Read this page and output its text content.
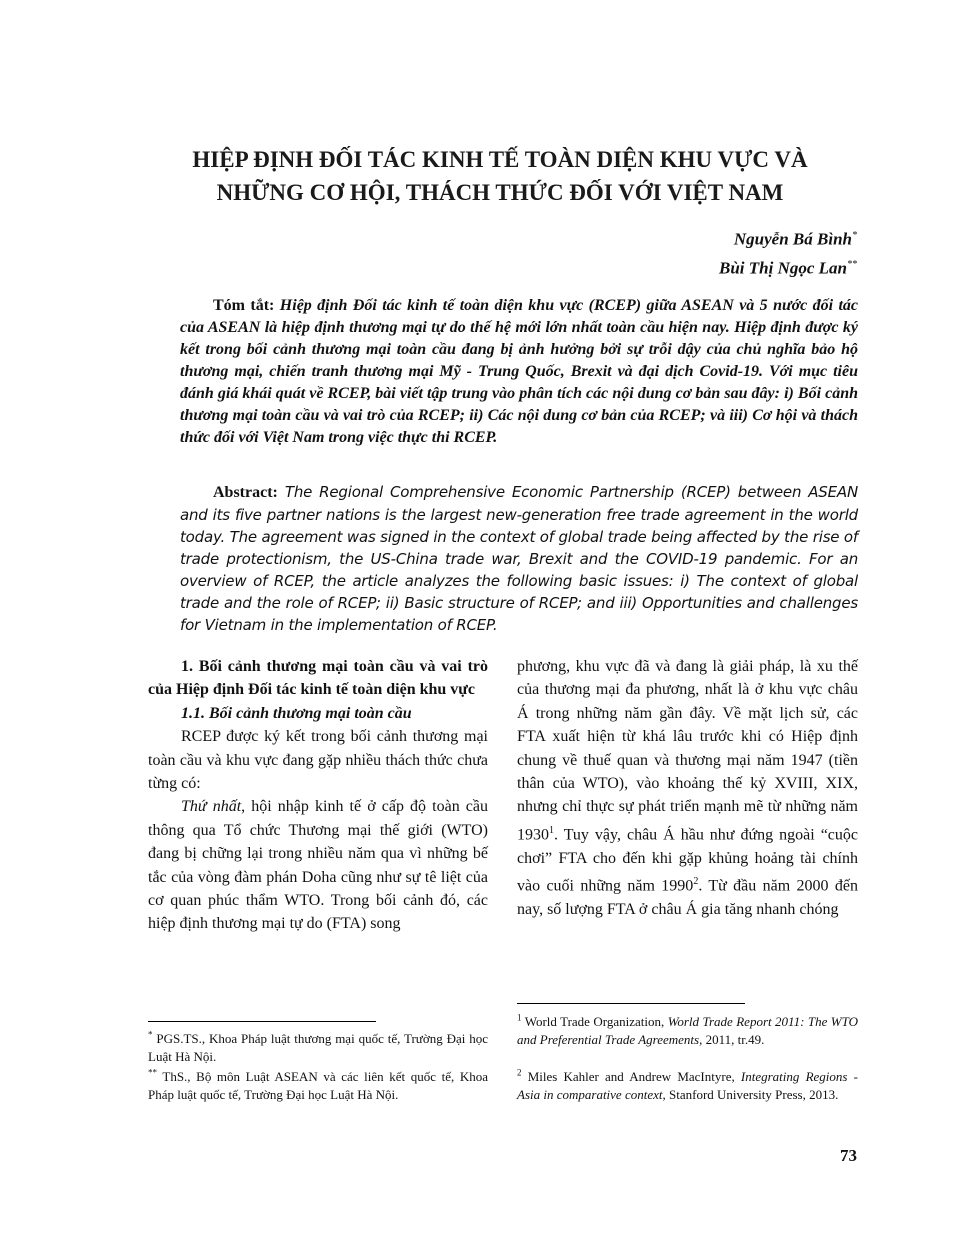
HIỆP ĐỊNH ĐỐI TÁC KINH TẾ TOÀN DIỆN KHU VỰC VÀ
NHỮNG CƠ HỘI, THÁCH THỨC ĐỐI VỚI VIỆT NAM
Nguyễn Bá Bình*
Bùi Thị Ngọc Lan**

Tóm tắt: Hiệp định Đối tác kinh tế toàn diện khu vực (RCEP) giữa ASEAN và 5 nước đối tác của ASEAN là hiệp định thương mại tự do thế hệ mới lớn nhất toàn cầu hiện nay. Hiệp định được ký kết trong bối cảnh thương mại toàn cầu đang bị ảnh hưởng bởi sự trỗi dậy của chủ nghĩa bảo hộ thương mại, chiến tranh thương mại Mỹ - Trung Quốc, Brexit và đại dịch Covid-19. Với mục tiêu đánh giá khái quát về RCEP, bài viết tập trung vào phân tích các nội dung cơ bản sau đây: i) Bối cảnh thương mại toàn cầu và vai trò của RCEP; ii) Các nội dung cơ bản của RCEP; và iii) Cơ hội và thách thức đối với Việt Nam trong việc thực thi RCEP.

Abstract: The Regional Comprehensive Economic Partnership (RCEP) between ASEAN and its five partner nations is the largest new-generation free trade agreement in the world today. The agreement was signed in the context of global trade being affected by the rise of trade protectionism, the US-China trade war, Brexit and the COVID-19 pandemic. For an overview of RCEP, the article analyzes the following basic issues: i) The context of global trade and the role of RCEP; ii) Basic structure of RCEP; and iii) Opportunities and challenges for Vietnam in the implementation of RCEP.

1. Bối cảnh thương mại toàn cầu và vai trò của Hiệp định Đối tác kinh tế toàn diện khu vực

1.1. Bối cảnh thương mại toàn cầu

RCEP được ký kết trong bối cảnh thương mại toàn cầu và khu vực đang gặp nhiều thách thức chưa từng có:

Thứ nhất, hội nhập kinh tế ở cấp độ toàn cầu thông qua Tổ chức Thương mại thế giới (WTO) đang bị chững lại trong nhiều năm qua vì những bế tắc của vòng đàm phán Doha cũng như sự tê liệt của cơ quan phúc thẩm WTO. Trong bối cảnh đó, các hiệp định thương mại tự do (FTA) song

phương, khu vực đã và đang là giải pháp, là xu thế của thương mại đa phương, nhất là ở khu vực châu Á trong những năm gần đây. Về mặt lịch sử, các FTA xuất hiện từ khá lâu trước khi có Hiệp định chung về thuế quan và thương mại năm 1947 (tiền thân của WTO), vào khoảng thế kỷ XVIII, XIX, nhưng chỉ thực sự phát triển mạnh mẽ từ những năm 1930$^1$. Tuy vậy, châu Á hầu như đứng ngoài “cuộc chơi” FTA cho đến khi gặp khủng hoảng tài chính vào cuối những năm 1990$^2$. Từ đầu năm 2000 đến nay, số lượng FTA ở châu Á gia tăng nhanh chóng

* PGS.TS., Khoa Pháp luật thương mại quốc tế, Trường Đại học Luật Hà Nội.

** ThS., Bộ môn Luật ASEAN và các liên kết quốc tế, Khoa Pháp luật quốc tế, Trường Đại học Luật Hà Nội.

$^1$ World Trade Organization, World Trade Report 2011: The WTO and Preferential Trade Agreements, 2011, tr.49.

$^2$ Miles Kahler and Andrew MacIntyre, Integrating Regions - Asia in comparative context, Stanford University Press, 2013.

73
